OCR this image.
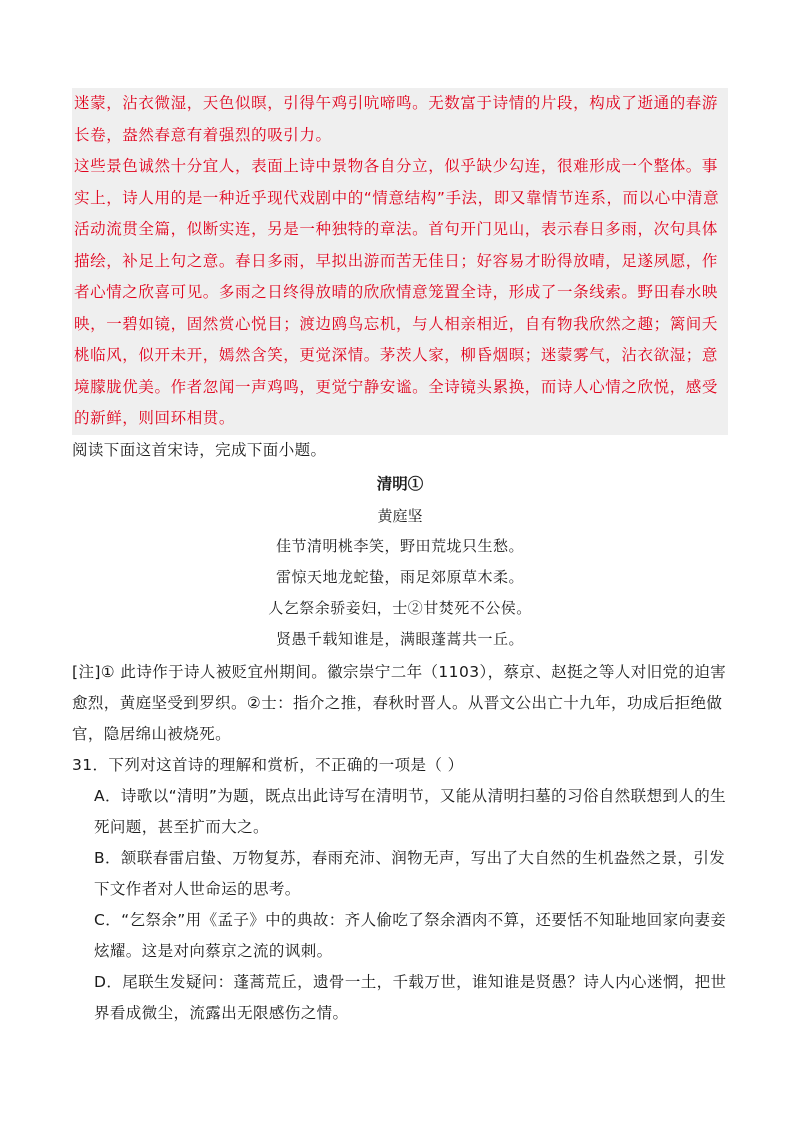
迷蒙，沾衣微湿，天色似暝，引得午鸡引吭啼鸣。无数富于诗情的片段，构成了逝通的春游长卷，盎然春意有着强烈的吸引力。

这些景色诚然十分宜人，表面上诗中景物各自分立，似乎缺少勾连，很难形成一个整体。事实上，诗人用的是一种近乎现代戏剧中的“情意结构”手法，即又靠情节连系，而以心中清意活动流贯全篇，似断实连，另是一种独特的章法。首句开门见山，表示春日多雨，次句具体描绘，补足上句之意。春日多雨，早拟出游而苦无佳日；好容易才盼得放晴，足遂夙愿，作者心情之欣喜可见。多雨之日终得放晴的欣欣情意笼置全诗，形成了一条线索。野田春水映映，一碧如镜，固然赏心悦目；渡边鸥鸟忘机，与人相亲相近，自有物我欣然之趣；篱间夭桃临风，似开未开，嫣然含笑，更觉深情。茅茨人家，柳昏烟暝；迷蒙雾气，沾衣欲湿；意境朦胧优美。作者忽闻一声鸡鸣，更觉宁静安谧。全诗镜头累换，而诗人心情之欣悦，感受的新鲜，则回环相贯。

阅读下面这首宋诗，完成下面小题。

清明①
黄庭坚
佳节清明桃李笑，野田荒垅只生愁。
雷惊天地龙蛇蛰，雨足郊原草木柔。
人乞祭余骄妾妇，士②甘焚死不公侯。
贤愚千载知谁是，满眼蓬蒿共一丘。

[注]① 此诗作于诗人被贬宜州期间。徽宗崇宁二年（1103），蔡京、赵挺之等人对旧党的迫害愈烈，黄庭坚受到罗织。②士：指介之推，春秋时晋人。从晋文公出亡十九年，功成后拒绝做官，隐居绵山被烧死。

31．下列对这首诗的理解和赏析，不正确的一项是（ ）

A．诗歌以“清明”为题，既点出此诗写在清明节，又能从清明扫墓的习俗自然联想到人的生死问题，甚至扩而大之。

B．颔联春雷启蛰、万物复苏，春雨充沛、润物无声，写出了大自然的生机盎然之景，引发下文作者对人世命运的思考。

C．“乞祭余”用《孟子》中的典故：齐人偷吃了祭余酒肉不算，还要恬不知耻地回家向妻妾炫耀。这是对向蔡京之流的讽刺。

D．尾联生发疑问：蓬蒿荒丘，遗骨一土，千载万世，谁知谁是贤愚？诗人内心迷惘，把世界看成微尘，流露出无限感伤之情。
